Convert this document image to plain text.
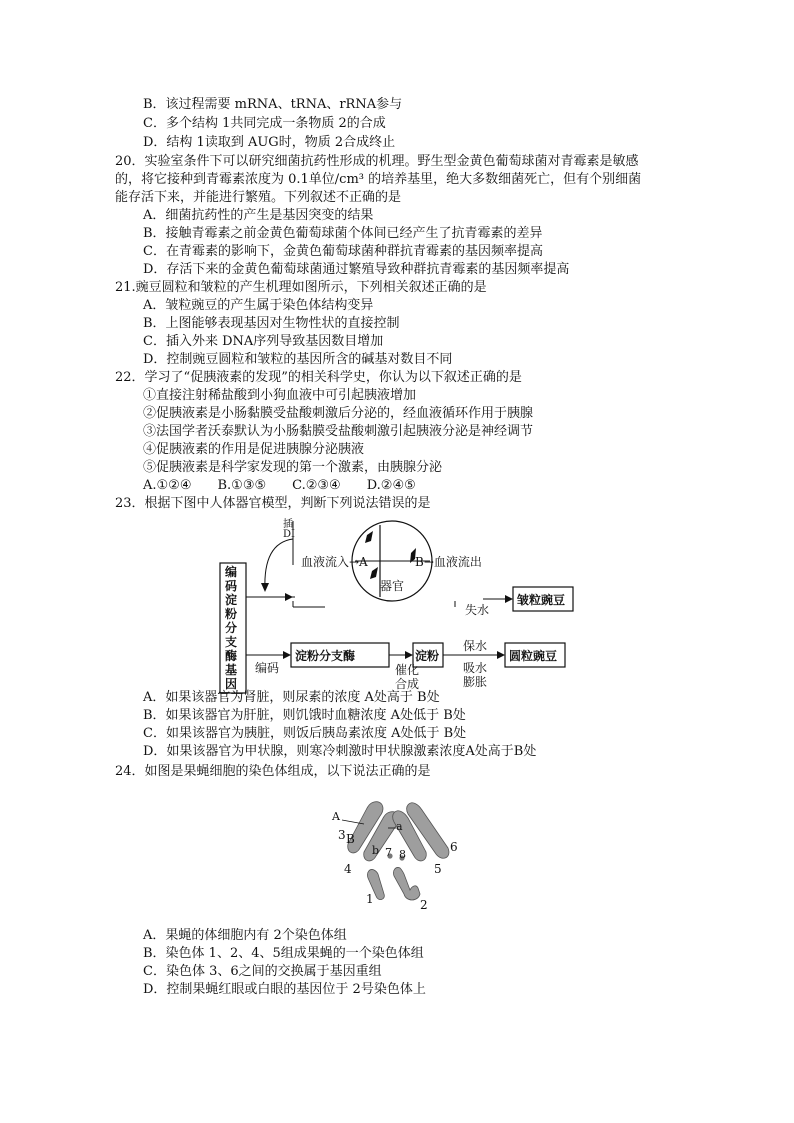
B．该过程需要 mRNA、tRNA、rRNA参与
C．多个结构 1共同完成一条物质 2的合成
D．结构 1读取到 AUG时，物质 2合成终止
20．实验室条件下可以研究细菌抗药性形成的机理。野生型金黄色葡萄球菌对青霉素是敏感
的，将它接种到青霉素浓度为 0.1单位/cm³ 的培养基里，绝大多数细菌死亡，但有个别细菌
能存活下来，并能进行繁殖。下列叙述不正确的是
A．细菌抗药性的产生是基因突变的结果
B．接触青霉素之前金黄色葡萄球菌个体间已经产生了抗青霉素的差异
C．在青霉素的影响下，金黄色葡萄球菌种群抗青霉素的基因频率提高
D．存活下来的金黄色葡萄球菌通过繁殖导致种群抗青霉素的基因频率提高
21.豌豆圆粒和皱粒的产生机理如图所示，下列相关叙述正确的是
A．皱粒豌豆的产生属于染色体结构变异
B．上图能够表现基因对生物性状的直接控制
C．插入外来 DNA序列导致基因数目增加
D．控制豌豆圆粒和皱粒的基因所含的碱基对数目不同
22．学习了“促胰液素的发现”的相关科学史，你认为以下叙述正确的是
①直接注射稀盐酸到小狗血液中可引起胰液增加
②促胰液素是小肠黏膜受盐酸刺激后分泌的，经血液循环作用于胰腺
③法国学者沃泰默认为小肠黏膜受盐酸刺激引起胰液分泌是神经调节
④促胰液素的作用是促进胰腺分泌胰液
⑤促胰液素是科学家发现的第一个激素，由胰腺分泌
A.①②④　　B.①③⑤　　C.②③④　　D.②④⑤
23．根据下图中人体器官模型，判断下列说法错误的是
编码淀粉分支酶基因
插
DI
血液流入→A	B→血液流出
器官
失水
皱粒豌豆
编码
淀粉分支酶
催化
合成
淀粉
保水
吸水
膨胀
圆粒豌豆
A．如果该器官为肾脏，则尿素的浓度 A处高于 B处
B．如果该器官为肝脏，则饥饿时血糖浓度 A处低于 B处
C．如果该器官为胰脏，则饭后胰岛素浓度 A处低于 B处
D．如果该器官为甲状腺，则寒冷刺激时甲状腺激素浓度A处高于B处
24．如图是果蝇细胞的染色体组成，以下说法正确的是
A
a
3 B
6
b 7 8
4	5
1	2
A．果蝇的体细胞内有 2个染色体组
B．染色体 1、2、4、5组成果蝇的一个染色体组
C．染色体 3、6之间的交换属于基因重组
D．控制果蝇红眼或白眼的基因位于 2号染色体上
